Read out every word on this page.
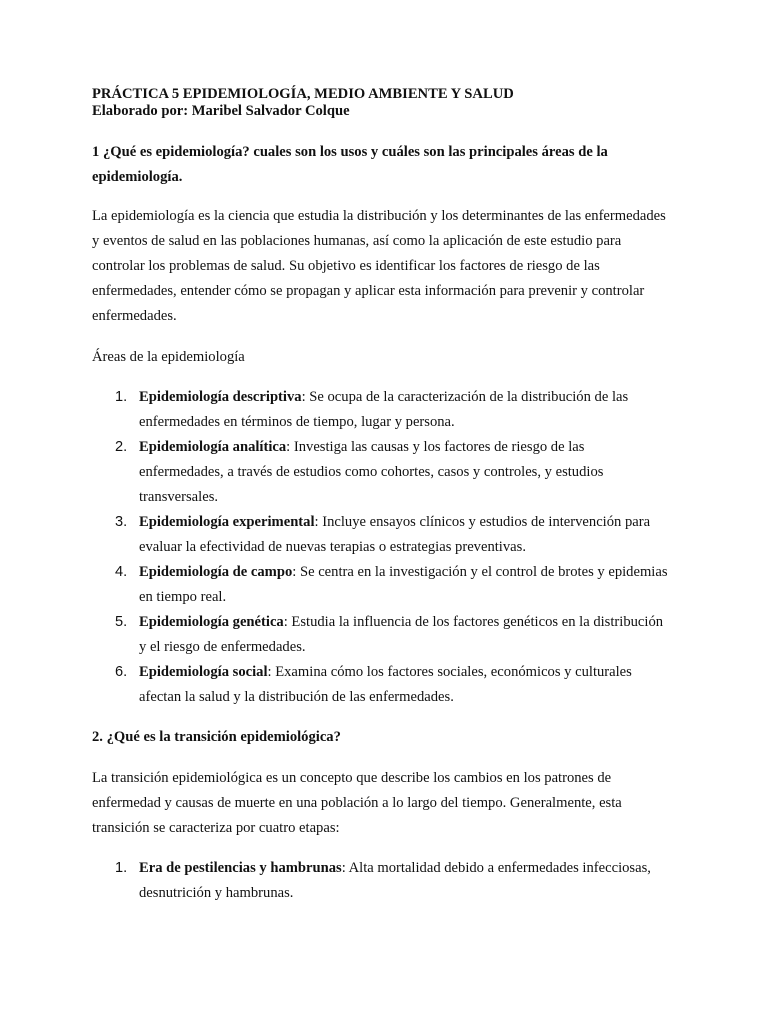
PRÁCTICA 5 EPIDEMIOLOGÍA, MEDIO AMBIENTE Y SALUD

Elaborado por: Maribel Salvador Colque

1 ¿Qué es epidemiología? cuales son los usos y cuáles son las principales áreas de la epidemiología.

La epidemiología es la ciencia que estudia la distribución y los determinantes de las enfermedades y eventos de salud en las poblaciones humanas, así como la aplicación de este estudio para controlar los problemas de salud. Su objetivo es identificar los factores de riesgo de las enfermedades, entender cómo se propagan y aplicar esta información para prevenir y controlar enfermedades.

Áreas de la epidemiología

1. Epidemiología descriptiva: Se ocupa de la caracterización de la distribución de las enfermedades en términos de tiempo, lugar y persona.
2. Epidemiología analítica: Investiga las causas y los factores de riesgo de las enfermedades, a través de estudios como cohortes, casos y controles, y estudios transversales.
3. Epidemiología experimental: Incluye ensayos clínicos y estudios de intervención para evaluar la efectividad de nuevas terapias o estrategias preventivas.
4. Epidemiología de campo: Se centra en la investigación y el control de brotes y epidemias en tiempo real.
5. Epidemiología genética: Estudia la influencia de los factores genéticos en la distribución y el riesgo de enfermedades.
6. Epidemiología social: Examina cómo los factores sociales, económicos y culturales afectan la salud y la distribución de las enfermedades.

2. ¿Qué es la transición epidemiológica?

La transición epidemiológica es un concepto que describe los cambios en los patrones de enfermedad y causas de muerte en una población a lo largo del tiempo. Generalmente, esta transición se caracteriza por cuatro etapas:

1. Era de pestilencias y hambrunas: Alta mortalidad debido a enfermedades infecciosas, desnutrición y hambrunas.
